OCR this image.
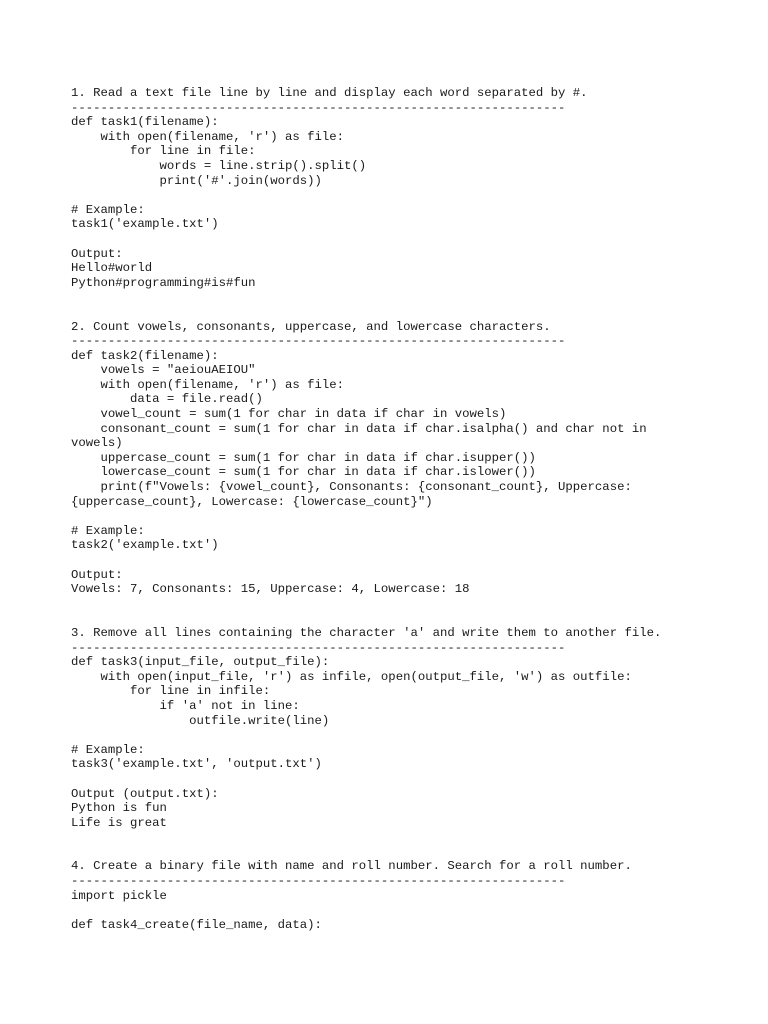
1. Read a text file line by line and display each word separated by #.
-------------------------------------------------------------------
def task1(filename):
with open(filename, 'r') as file:
for line in file:
words = line.strip().split()
print('#'.join(words))
# Example:
task1('example.txt')
Output:
Hello#world
Python#programming#is#fun
2. Count vowels, consonants, uppercase, and lowercase characters.
-------------------------------------------------------------------
def task2(filename):
vowels = "aeiouAEIOU"
with open(filename, 'r') as file:
data = file.read()
vowel_count = sum(1 for char in data if char in vowels)
consonant_count = sum(1 for char in data if char.isalpha() and char not in
vowels)
uppercase_count = sum(1 for char in data if char.isupper())
lowercase_count = sum(1 for char in data if char.islower())
print(f"Vowels: {vowel_count}, Consonants: {consonant_count}, Uppercase:
{uppercase_count}, Lowercase: {lowercase_count}")
# Example:
task2('example.txt')
Output:
Vowels: 7, Consonants: 15, Uppercase: 4, Lowercase: 18
3. Remove all lines containing the character 'a' and write them to another file.
-------------------------------------------------------------------
def task3(input_file, output_file):
with open(input_file, 'r') as infile, open(output_file, 'w') as outfile:
for line in infile:
if 'a' not in line:
outfile.write(line)
# Example:
task3('example.txt', 'output.txt')
Output (output.txt):
Python is fun
Life is great
4. Create a binary file with name and roll number. Search for a roll number.
-------------------------------------------------------------------
import pickle
def task4_create(file_name, data):
